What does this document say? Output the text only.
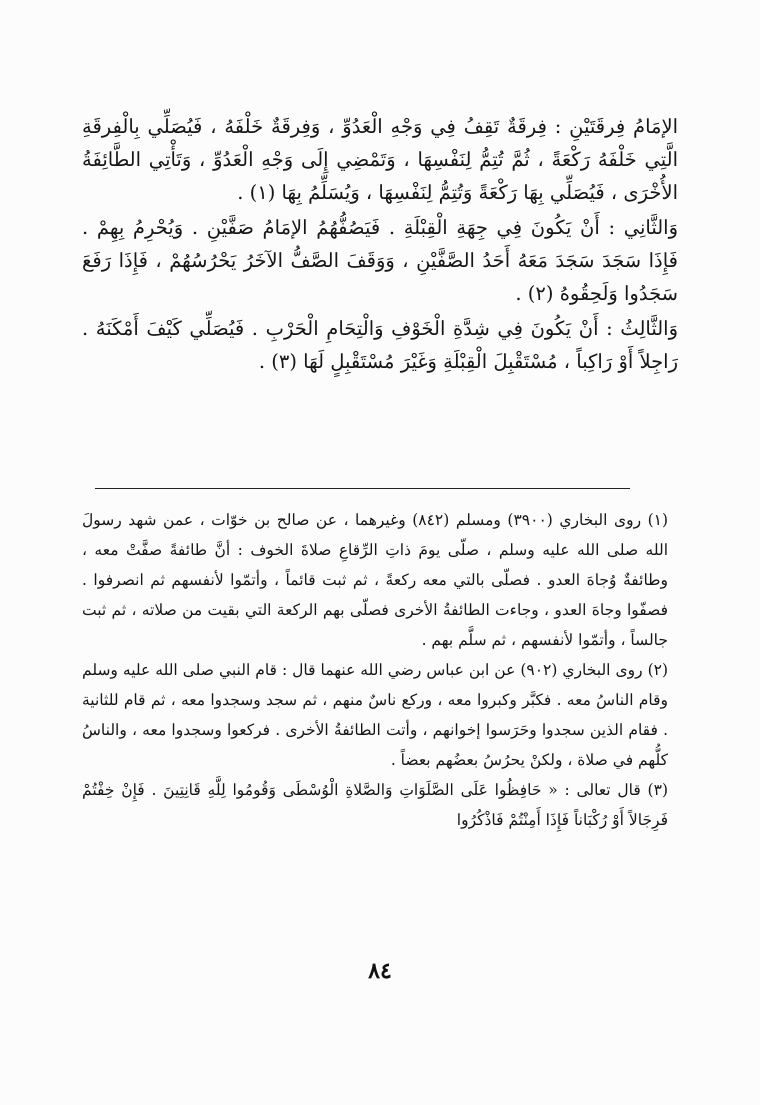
الإمَامُ فِرقَتَيْنِ : فِرقَةٌ تَقِفُ فِي وَجْهِ الْعَدُوِّ ، وَفِرقَةٌ خَلْفَهُ ، فَيُصَلِّي بِالْفِرقَةِ الَّتِي خَلْفَهُ رَكْعَةً ، ثُمَّ تُتِمُّ لِنَفْسِهَا ، وَتَمْضِي إِلَى وَجْهِ الْعَدُوِّ ، وَتَأْتِي الطَّائِفَةُ الأُخْرَى ، فَيُصَلِّي بِهَا رَكْعَةً وَتُتِمُّ لِنَفْسِهَا ، وَيُسَلِّمُ بِهَا (١) .

وَالثَّانِي : أَنْ يَكُونَ فِي جِهَةِ الْقِبْلَةِ . فَيَصُفُّهُمُ الإمَامُ صَفَّيْنِ . وَيُحْرِمُ بِهِمْ . فَإِذَا سَجَدَ سَجَدَ مَعَهُ أَحَدُ الصَّفَّيْنِ ، وَوَقَفَ الصَّفُّ الآخَرُ يَحْرُسُهُمْ ، فَإِذَا رَفَعَ سَجَدُوا وَلَحِقُوهُ (٢) .

وَالثَّالِثُ : أَنْ يَكُونَ فِي شِدَّةِ الْخَوْفِ وَالْتِحَامِ الْحَرْبِ . فَيُصَلِّي كَيْفَ أَمْكَنَهُ . رَاجِلاً أَوْ رَاكِباً ، مُسْتَقْبِلَ الْقِبْلَةِ وَغَيْرَ مُسْتَقْبِلٍ لَهَا (٣) .

(١) روى البخاري (٣٩٠٠) ومسلم (٨٤٢) وغيرهما ، عن صالح بن خوّات ، عمن شهد رسولَ الله صلى الله عليه وسلم ، صلّى يومَ ذاتِ الرِّقاعِ صلاةَ الخوف : أنَّ طائفةً صفَّتْ معه ، وطائفةٌ وُجاهَ العدو . فصلّى بالتي معه ركعةً ، ثم ثبت قائماً ، وأتمّوا لأنفسهم ثم انصرفوا . فصفّوا وجاهَ العدو ، وجاءت الطائفةُ الأخرى فصلّى بهم الركعة التي بقيت من صلاته ، ثم ثبت جالساً ، وأتمّوا لأنفسهم ، ثم سلَّم بهم .

(٢) روى البخاري (٩٠٢) عن ابن عباس رضي الله عنهما قال : قام النبي صلى الله عليه وسلم وقام الناسُ معه . فكبَّر وكبروا معه ، وركع ناسٌ منهم ، ثم سجد وسجدوا معه ، ثم قام للثانية . فقام الذين سجدوا وحَرَسوا إخوانهم ، وأتت الطائفةُ الأخرى . فركعوا وسجدوا معه ، والناسُ كلُّهم في صلاة ، ولكنْ يحرُسُ بعضُهم بعضاً .

(٣) قال تعالى : « حَافِظُوا عَلَى الصَّلَوَاتِ وَالصَّلاةِ الْوُسْطَى وَقُومُوا لِلَّهِ قَانِتِينَ . فَإِنْ خِفْتُمْ فَرِجَالاً أَوْ رُكْبَاناً فَإِذَا أَمِنْتُمْ فَاذْكُرُوا

٨٤
